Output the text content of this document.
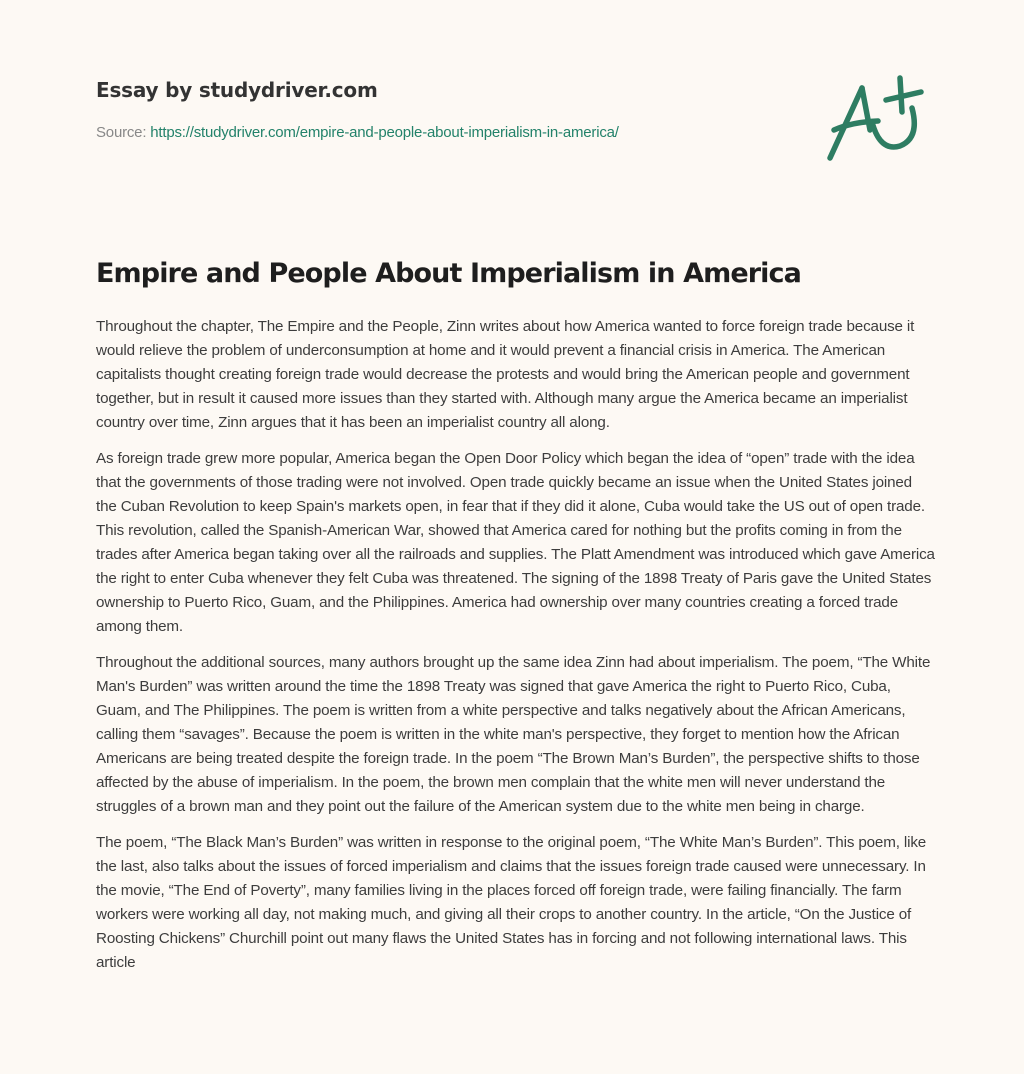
Essay by studydriver.com
Source: https://studydriver.com/empire-and-people-about-imperialism-in-america/
Empire and People About Imperialism in America

Throughout the chapter, The Empire and the People, Zinn writes about how America wanted to force foreign trade because it would relieve the problem of underconsumption at home and it would prevent a financial crisis in America. The American capitalists thought creating foreign trade would decrease the protests and would bring the American people and government together, but in result it caused more issues than they started with. Although many argue the America became an imperialist country over time, Zinn argues that it has been an imperialist country all along.

As foreign trade grew more popular, America began the Open Door Policy which began the idea of “open” trade with the idea that the governments of those trading were not involved. Open trade quickly became an issue when the United States joined the Cuban Revolution to keep Spain's markets open, in fear that if they did it alone, Cuba would take the US out of open trade. This revolution, called the Spanish-American War, showed that America cared for nothing but the profits coming in from the trades after America began taking over all the railroads and supplies. The Platt Amendment was introduced which gave America the right to enter Cuba whenever they felt Cuba was threatened. The signing of the 1898 Treaty of Paris gave the United States ownership to Puerto Rico, Guam, and the Philippines. America had ownership over many countries creating a forced trade among them.

Throughout the additional sources, many authors brought up the same idea Zinn had about imperialism. The poem, “The White Man's Burden” was written around the time the 1898 Treaty was signed that gave America the right to Puerto Rico, Cuba, Guam, and The Philippines. The poem is written from a white perspective and talks negatively about the African Americans, calling them “savages”. Because the poem is written in the white man's perspective, they forget to mention how the African Americans are being treated despite the foreign trade. In the poem “The Brown Man’s Burden”, the perspective shifts to those affected by the abuse of imperialism. In the poem, the brown men complain that the white men will never understand the struggles of a brown man and they point out the failure of the American system due to the white men being in charge.

The poem, “The Black Man’s Burden” was written in response to the original poem, “The White Man’s Burden”. This poem, like the last, also talks about the issues of forced imperialism and claims that the issues foreign trade caused were unnecessary. In the movie, “The End of Poverty”, many families living in the places forced off foreign trade, were failing financially. The farm workers were working all day, not making much, and giving all their crops to another country. In the article, “On the Justice of Roosting Chickens” Churchill point out many flaws the United States has in forcing and not following international laws. This article
